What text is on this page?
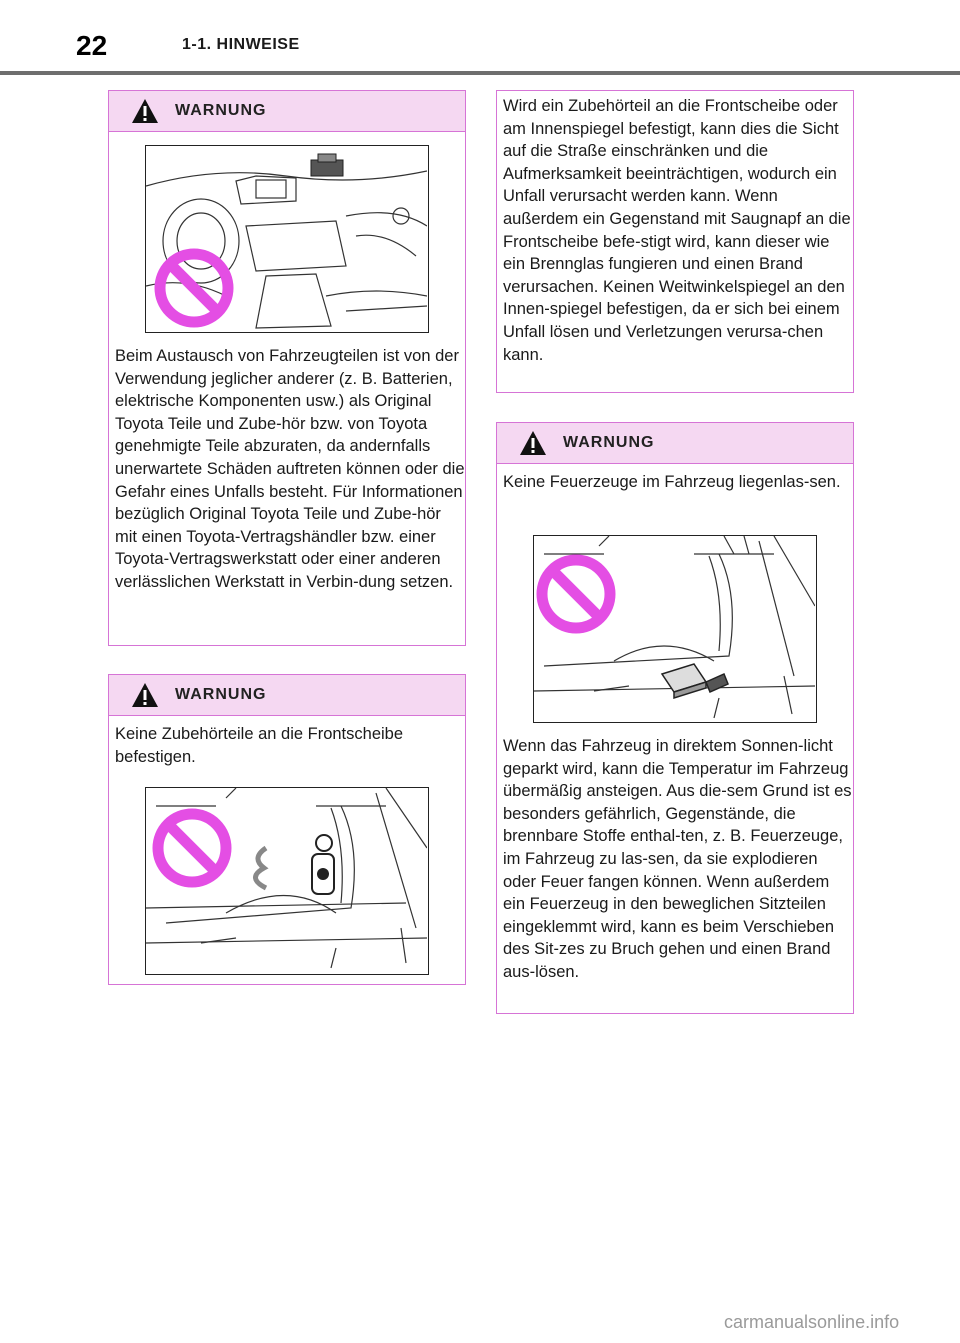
22	1-1. HINWEISE
WARNUNG
Beim Austausch von Fahrzeugteilen ist von der Verwendung jeglicher anderer (z. B. Batterien, elektrische Komponenten usw.) als Original Toyota Teile und Zube-hör bzw. von Toyota genehmigte Teile abzuraten, da andernfalls unerwartete Schäden auftreten können oder die Gefahr eines Unfalls besteht. Für Informationen bezüglich Original Toyota Teile und Zube-hör mit einen Toyota-Vertragshändler bzw. einer Toyota-Vertragswerkstatt oder einer anderen verlässlichen Werkstatt in Verbin-dung setzen.
WARNUNG
Keine Zubehörteile an die Frontscheibe befestigen.
Wird ein Zubehörteil an die Frontscheibe oder am Innenspiegel befestigt, kann dies die Sicht auf die Straße einschränken und die Aufmerksamkeit beeinträchtigen, wodurch ein Unfall verursacht werden kann. Wenn außerdem ein Gegenstand mit Saugnapf an die Frontscheibe befe-stigt wird, kann dieser wie ein Brennglas fungieren und einen Brand verursachen. Keinen Weitwinkelspiegel an den Innen-spiegel befestigen, da er sich bei einem Unfall lösen und Verletzungen verursa-chen kann.
WARNUNG
Keine Feuerzeuge im Fahrzeug liegenlas-sen.
Wenn das Fahrzeug in direktem Sonnen-licht geparkt wird, kann die Temperatur im Fahrzeug übermäßig ansteigen. Aus die-sem Grund ist es besonders gefährlich, Gegenstände, die brennbare Stoffe enthal-ten, z. B. Feuerzeuge, im Fahrzeug zu las-sen, da sie explodieren oder Feuer fangen können. Wenn außerdem ein Feuerzeug in den beweglichen Sitzteilen eingeklemmt wird, kann es beim Verschieben des Sit-zes zu Bruch gehen und einen Brand aus-lösen.
carmanualsonline.info
